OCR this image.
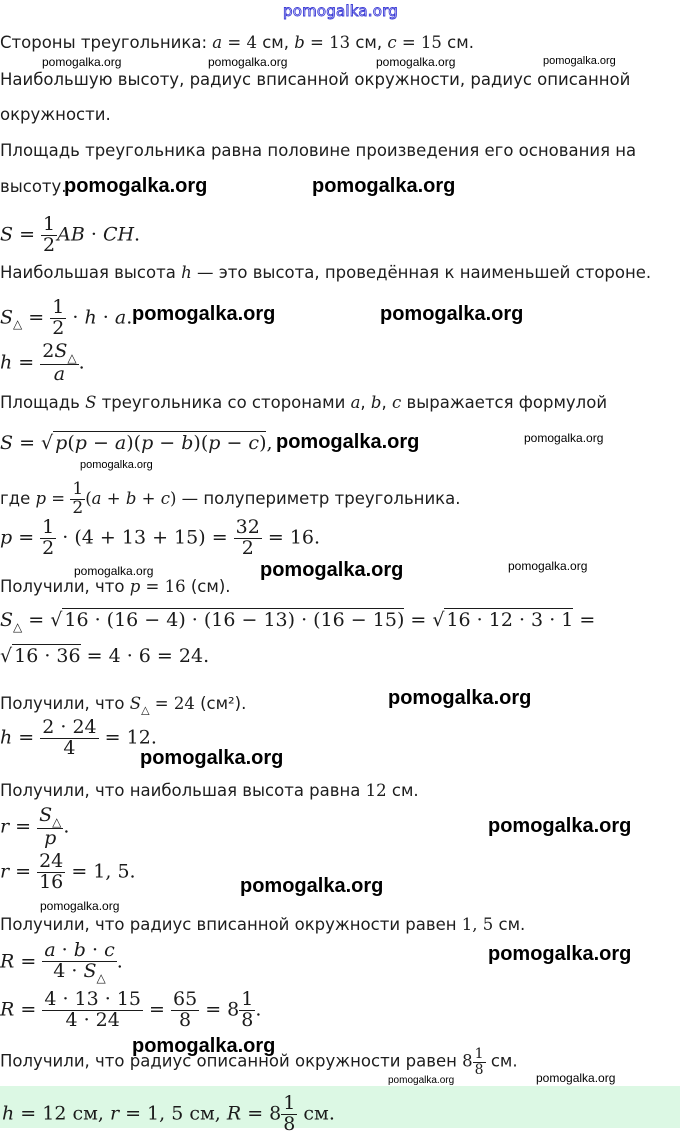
pomogalka.org
Стороны треугольника: a = 4 см, b = 13 см, c = 15 см.
Наибольшую высоту, радиус вписанной окружности, радиус описанной
окружности.
Площадь треугольника равна половине произведения его основания на
высоту.
$S = \frac{1}{2}$ AB · CH.
Наибольшая высота h — это высота, проведённая к наименьшей стороне.
$S_\triangle = \frac{1}{2} \cdot h \cdot a$.
$h = \frac{2S_\triangle}{a}$ .
Площадь S треугольника со сторонами a, b, c выражается формулой
S = √ p(p − a)(p − b)(p − c),
где $p = \frac{1}{2} (a + b + c)$ — полупериметр треугольника.
$p = \frac{1}{2} \cdot (4 + 13 + 15) = \frac{32}{2} = 16$.
Получили, что p = 16 (см).
$S_\triangle$ = √ 16 · (16 − 4) · (16 − 13) · (16 − 15) = √ 16 · 12 · 3 · 1 =
√ 16 · 36 = 4 · 6 = 24.
Получили, что $S_\triangle = 24$ (см²).
$h = \frac{2 \cdot 24}{4} = 12$.
Получили, что наибольшая высота равна 12 см.
$r = \frac{S_\triangle}{p}$ .
$r = \frac{24}{16} = 1$, 5.
Получили, что радиус вписанной окружности равен 1, 5 см.
$R = \frac{a \cdot b \cdot c}{4 \cdot S_\triangle}$ .
$R = \frac{4 \cdot 13 \cdot 15}{4 \cdot 24} = \frac{65}{8} = 8 \frac{1}{8}$ .
Получили, что радиус описанной окружности равен $8 \frac{1}{8}$ см.
h = 12 см, r = 1, 5 см, $R = 8 \frac{1}{8}$ см.
pomogalka.org	pomogalka.org	pomogalka.org	pomogalka.org
pomogalka.org	pomogalka.org
pomogalka.org	pomogalka.org
pomogalka.org	pomogalka.org
pomogalka.org
pomogalka.org	pomogalka.org	pomogalka.org
pomogalka.org
pomogalka.org
pomogalka.org
pomogalka.org
pomogalka.org
pomogalka.org
pomogalka.org
pomogalka.org	pomogalka.org
